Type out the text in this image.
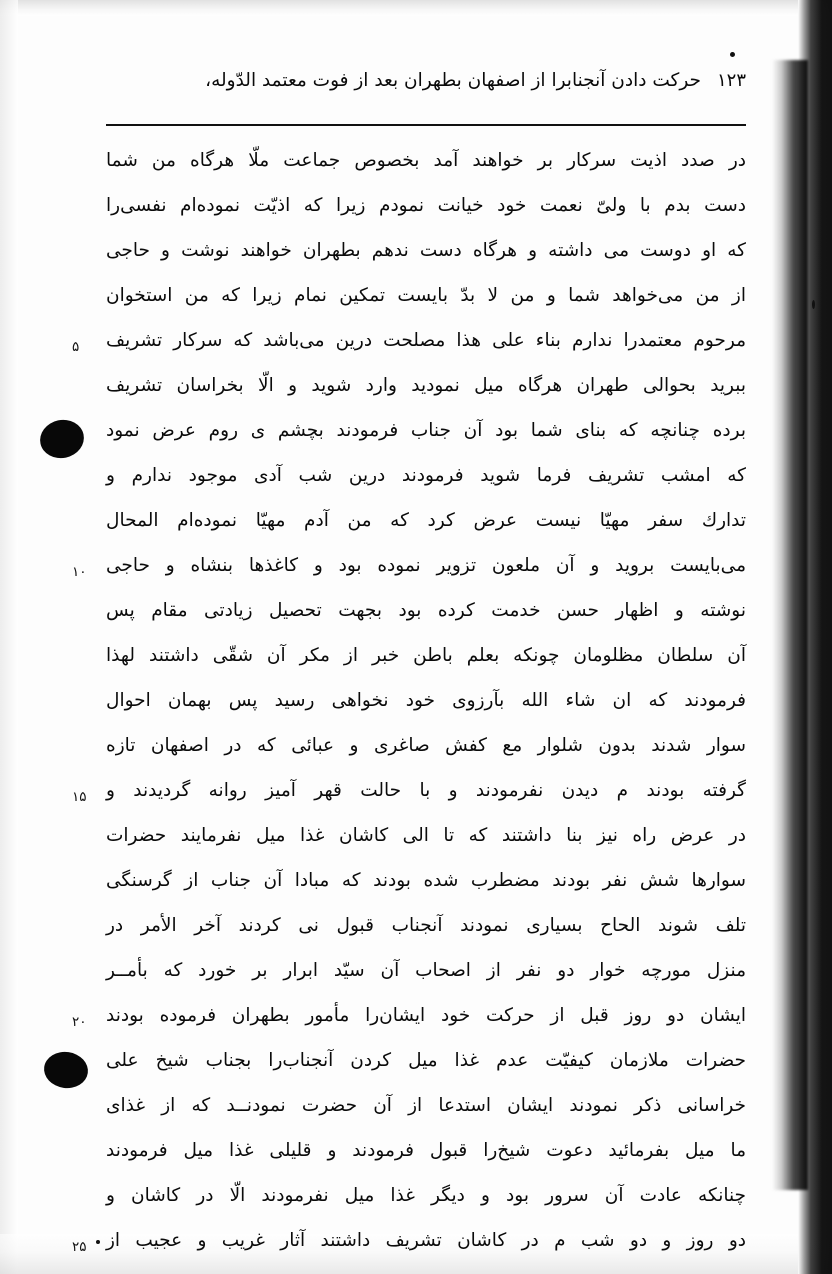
۱۲۳
حرکت دادن آنجنابرا از اصفهان بطهران بعد از فوت معتمد الدّوله،
در صدد اذیت سرکار بر خواهند آمد بخصوص جماعت ملّا هرگاه من شما
دست بدم با ولیّ نعمت خود خیانت نمودم زیرا که اذیّت نموده‌ام نفسی‌را
که او دوست می داشته و هرگاه دست ندهم بطهران خواهند نوشت و حاجی
از من می‌خواهد شما و من لا بدّ بایست تمکین نمام زیرا که من استخوان
۵	مرحوم معتمدرا ندارم بناء علی هذا مصلحت درین می‌باشد که سرکار تشریف
ببرید بحوالی طهران هرگاه میل نمودید وارد شوید و الّا بخراسان تشریف
برده چنانچه که بنای شما بود آن جناب فرمودند بچشم ی روم عرض نمود
که امشب تشریف فرما شوید فرمودند درین شب آدی موجود ندارم و
تدارك سفر مهیّا نیست عرض کرد که من آدم مهیّا نموده‌ام المحال
۱۰	می‌بایست بروید و آن ملعون تزویر نموده بود و کاغذها بنشاه و حاجی
نوشته و اظهار حسن خدمت کرده بود بجهت تحصیل زیادتی مقام پس
آن سلطان مظلومان چونکه بعلم باطن خبر از مکر آن شقّی داشتند لهذا
فرمودند که ان شاء الله بآرزوی خود نخواهی رسید پس بهمان احوال
سوار شدند بدون شلوار مع کفش صاغری و عبائی که در اصفهان تازه
۱۵	گرفته بودند م دیدن نفرمودند و با حالت قهر آمیز روانه گردیدند و
در عرض راه نیز بنا داشتند که تا الی کاشان غذا میل نفرمایند حضرات
سوارها شش نفر بودند مضطرب شده بودند که مبادا آن جناب از گرسنگی
تلف شوند الحاح بسیاری نمودند آنجناب قبول نی کردند آخر الأمر در
منزل مورچه خوار دو نفر از اصحاب آن سیّد ابرار بر خورد که بأمــر
۲۰	ایشان دو روز قبل از حرکت خود ایشان‌را مأمور بطهران فرموده بودند
حضرات ملازمان کیفیّت عدم غذا میل کردن آنجناب‌را بجناب شیخ علی
خراسانی ذکر نمودند ایشان استدعا از آن حضرت نمودنــد که از غذای
ما میل بفرمائید دعوت شیخ‌را قبول فرمودند و قلیلی غذا میل فرمودند
چنانکه عادت آن سرور بود و دیگر غذا میل نفرمودند الّا در کاشان و
۲۵	دو روز و دو شب م در کاشان تشریف داشتند آثار غریب و عجیب از
